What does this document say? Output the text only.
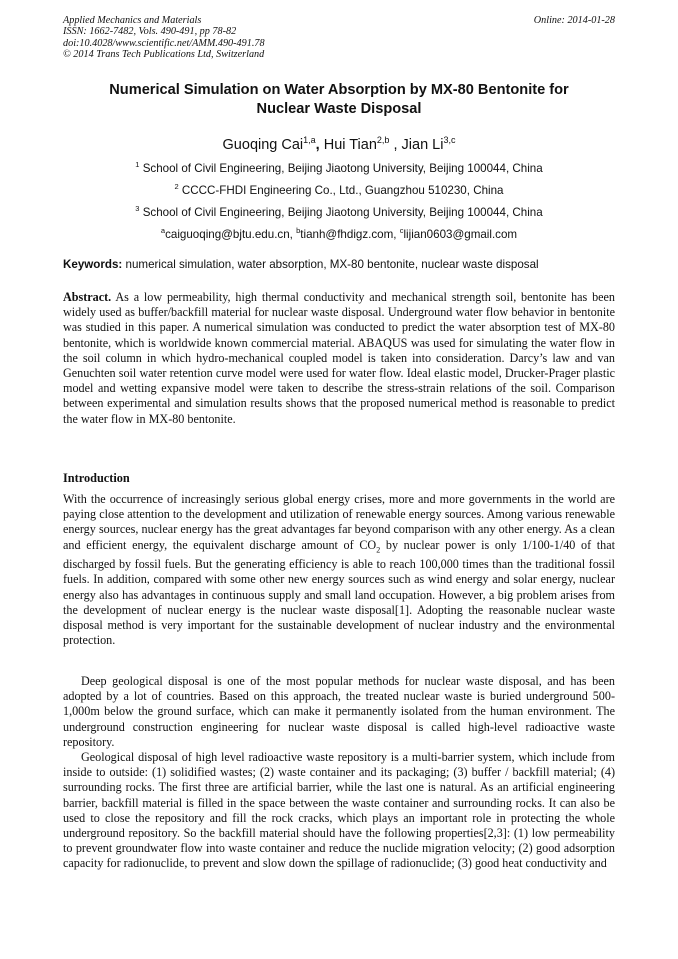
Applied Mechanics and Materials
ISSN: 1662-7482, Vols. 490-491, pp 78-82
doi:10.4028/www.scientific.net/AMM.490-491.78
© 2014 Trans Tech Publications Ltd, Switzerland
Online: 2014-01-28
Numerical Simulation on Water Absorption by MX-80 Bentonite for
Nuclear Waste Disposal
Guoqing Cai$^{1,a}$, Hui Tian$^{2,b}$ , Jian Li$^{3,c}$
$^1$ School of Civil Engineering, Beijing Jiaotong University, Beijing 100044, China
$^2$ CCCC-FHDI Engineering Co., Ltd., Guangzhou 510230, China
$^3$ School of Civil Engineering, Beijing Jiaotong University, Beijing 100044, China
$^a$caiguoqing@bjtu.edu.cn, $^b$tianh@fhdigz.com, $^c$lijian0603@gmail.com
Keywords: numerical simulation, water absorption, MX-80 bentonite, nuclear waste disposal
Abstract. As a low permeability, high thermal conductivity and mechanical strength soil, bentonite has been widely used as buffer/backfill material for nuclear waste disposal. Underground water flow behavior in bentonite was studied in this paper. A numerical simulation was conducted to predict the water absorption test of MX-80 bentonite, which is worldwide known commercial material. ABAQUS was used for simulating the water flow in the soil column in which hydro-mechanical coupled model is taken into consideration. Darcy’s law and van Genuchten soil water retention curve model were used for water flow. Ideal elastic model, Drucker-Prager plastic model and wetting expansive model were taken to describe the stress-strain relations of the soil. Comparison between experimental and simulation results shows that the proposed numerical method is reasonable to predict the water flow in MX-80 bentonite.
Introduction
With the occurrence of increasingly serious global energy crises, more and more governments in the world are paying close attention to the development and utilization of renewable energy sources. Among various renewable energy sources, nuclear energy has the great advantages far beyond comparison with any other energy. As a clean and efficient energy, the equivalent discharge amount of $CO_2$ by nuclear power is only 1/100-1/40 of that discharged by fossil fuels. But the generating efficiency is able to reach 100,000 times than the traditional fossil fuels. In addition, compared with some other new energy sources such as wind energy and solar energy, nuclear energy also has advantages in continuous supply and small land occupation. However, a big problem arises from the development of nuclear energy is the nuclear waste disposal[1]. Adopting the reasonable nuclear waste disposal method is very important for the sustainable development of nuclear industry and the environmental protection.
Deep geological disposal is one of the most popular methods for nuclear waste disposal, and has been adopted by a lot of countries. Based on this approach, the treated nuclear waste is buried underground 500-1,000m below the ground surface, which can make it permanently isolated from the human environment. The underground construction engineering for nuclear waste disposal is called high-level radioactive waste repository.
Geological disposal of high level radioactive waste repository is a multi-barrier system, which include from inside to outside: (1) solidified wastes; (2) waste container and its packaging; (3) buffer / backfill material; (4) surrounding rocks. The first three are artificial barrier, while the last one is natural. As an artificial engineering barrier, backfill material is filled in the space between the waste container and surrounding rocks. It can also be used to close the repository and fill the rock cracks, which plays an important role in protecting the whole underground repository. So the backfill material should have the following properties[2,3]: (1) low permeability to prevent groundwater flow into waste container and reduce the nuclide migration velocity; (2) good adsorption capacity for radionuclide, to prevent and slow down the spillage of radionuclide; (3) good heat conductivity and
